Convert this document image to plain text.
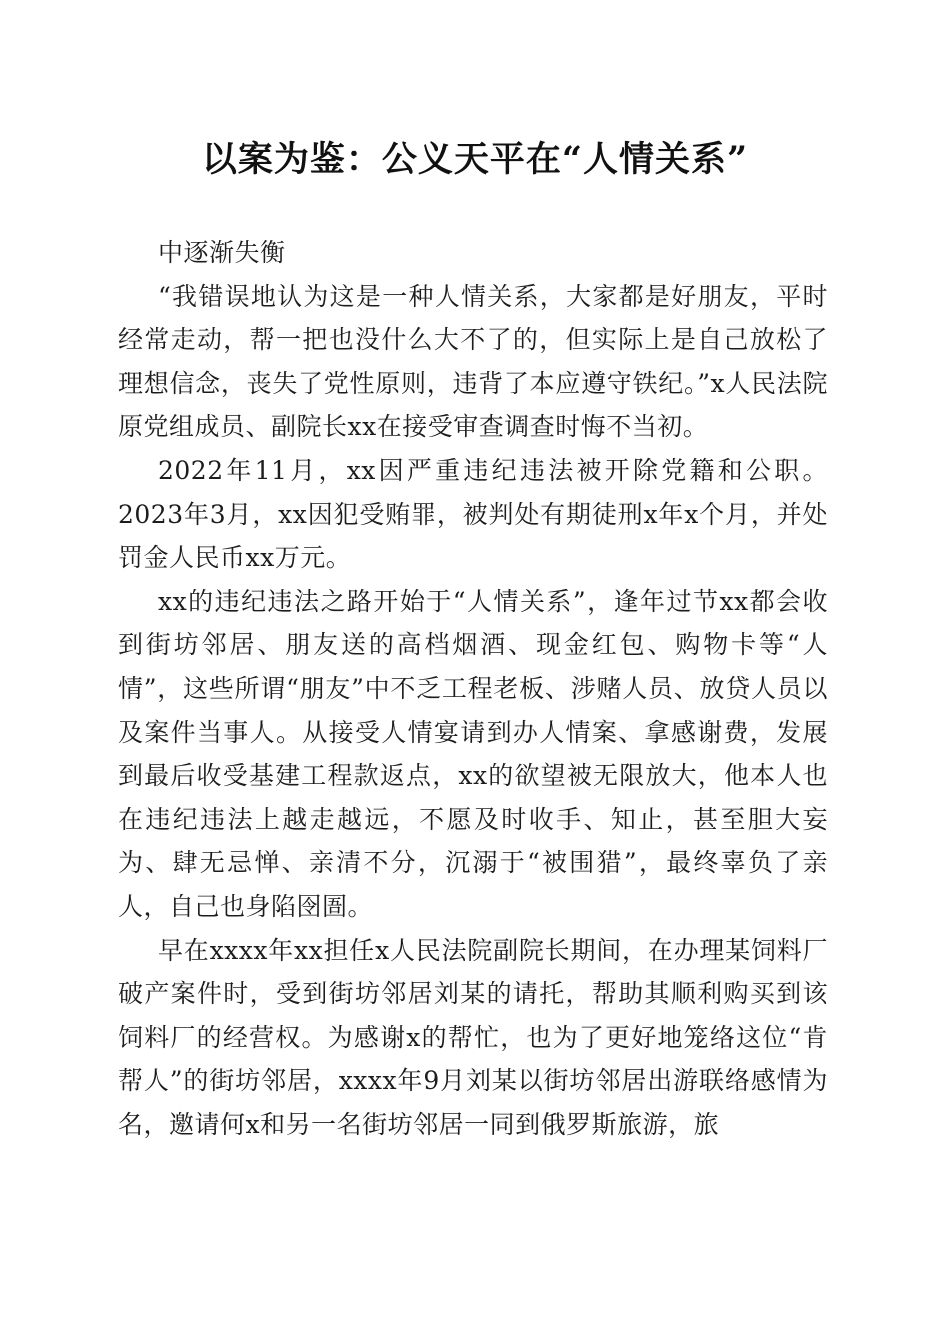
以案为鉴：公义天平在“人情关系”

中逐渐失衡

“我错误地认为这是一种人情关系，大家都是好朋友，平时经常走动，帮一把也没什么大不了的，但实际上是自己放松了理想信念，丧失了党性原则，违背了本应遵守铁纪。”x人民法院原党组成员、副院长xx在接受审查调查时悔不当初。

2022年11月，xx因严重违纪违法被开除党籍和公职。2023年3月，xx因犯受贿罪，被判处有期徒刑x年x个月，并处罚金人民币xx万元。

xx的违纪违法之路开始于“人情关系”，逢年过节xx都会收到街坊邻居、朋友送的高档烟酒、现金红包、购物卡等“人情”，这些所谓“朋友”中不乏工程老板、涉赌人员、放贷人员以及案件当事人。从接受人情宴请到办人情案、拿感谢费，发展到最后收受基建工程款返点，xx的欲望被无限放大，他本人也在违纪违法上越走越远，不愿及时收手、知止，甚至胆大妄为、肆无忌惮、亲清不分，沉溺于“被围猎”，最终辜负了亲人，自己也身陷囹圄。

早在xxxx年xx担任x人民法院副院长期间，在办理某饲料厂破产案件时，受到街坊邻居刘某的请托，帮助其顺利购买到该饲料厂的经营权。为感谢x的帮忙，也为了更好地笼络这位“肯帮人”的街坊邻居，xxxx年9月刘某以街坊邻居出游联络感情为名，邀请何x和另一名街坊邻居一同到俄罗斯旅游，旅
